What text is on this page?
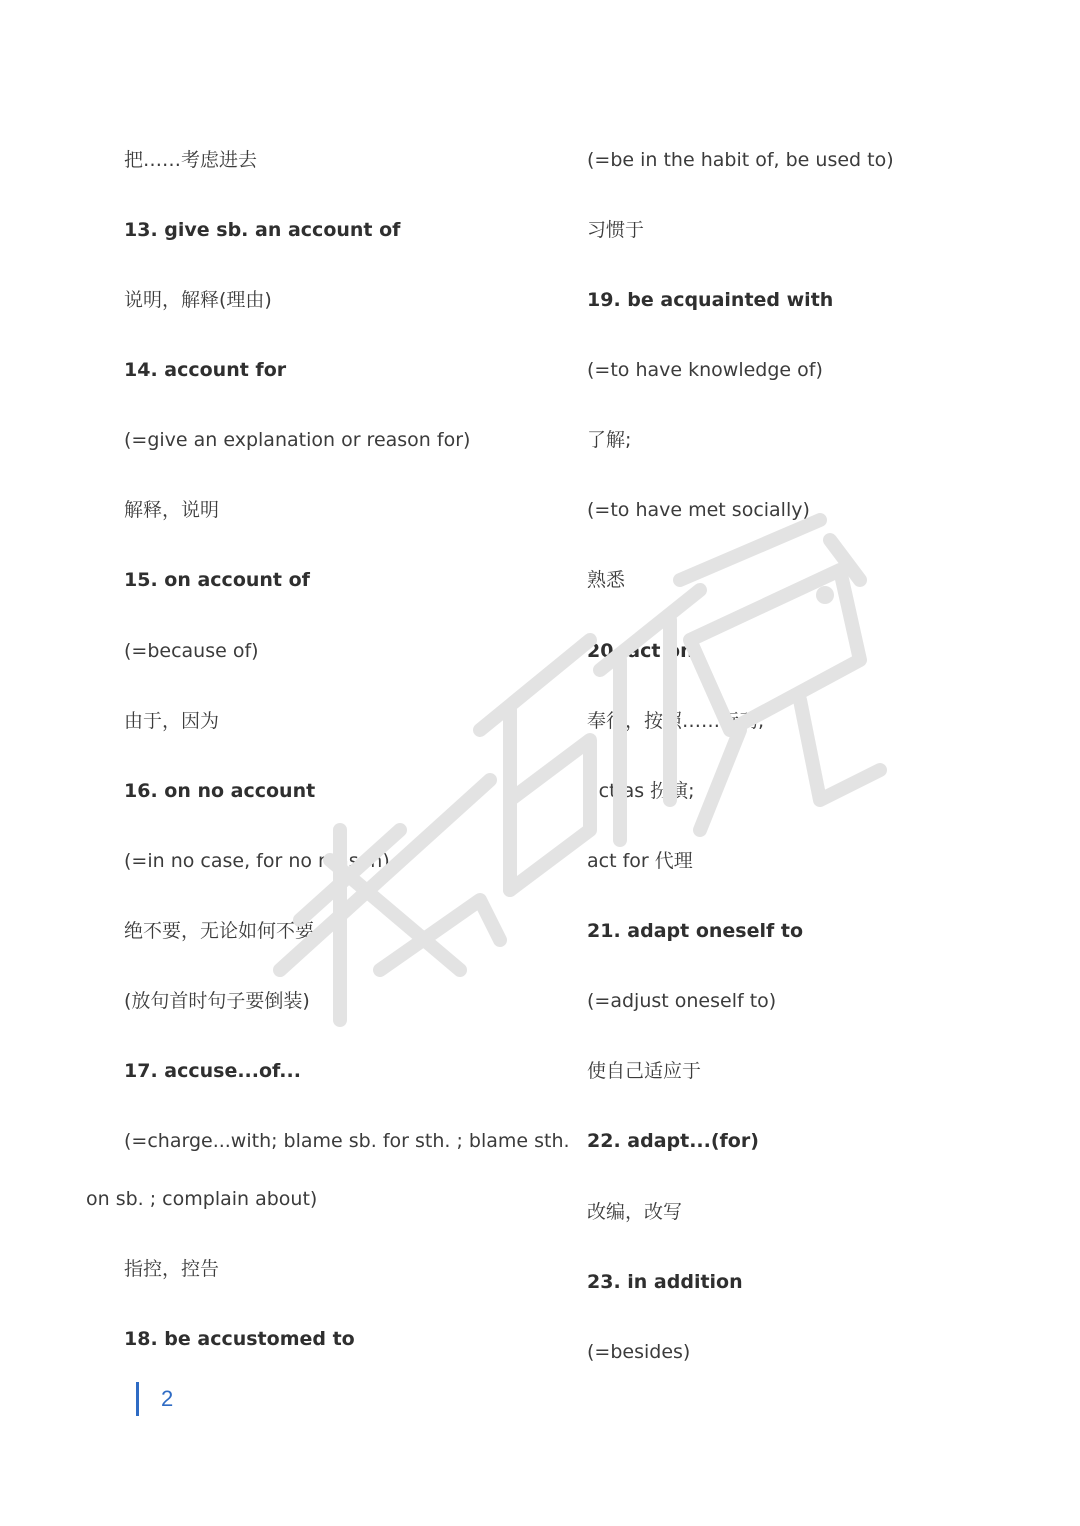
把……考虑进去
13. give sb. an account of
说明，解释(理由)
14. account for
(=give an explanation or reason for)
解释，说明
15. on account of
(=because of)
由于，因为
16. on no account
(=in no case, for no reason)
绝不要，无论如何不要
(放句首时句子要倒装)
17. accuse...of...
(=charge...with; blame sb. for sth. ; blame sth.
on sb. ; complain about)
指控，控告
18. be accustomed to
(=be in the habit of, be used to)
习惯于
19. be acquainted with
(=to have knowledge of)
了解;
(=to have met socially)
熟悉
20. act on
奉行，按照……行动;
act as 扮演;
act for 代理
21. adapt oneself to
(=adjust oneself to)
使自己适应于
22. adapt...(for)
改编，改写
23. in addition
(=besides)
2
